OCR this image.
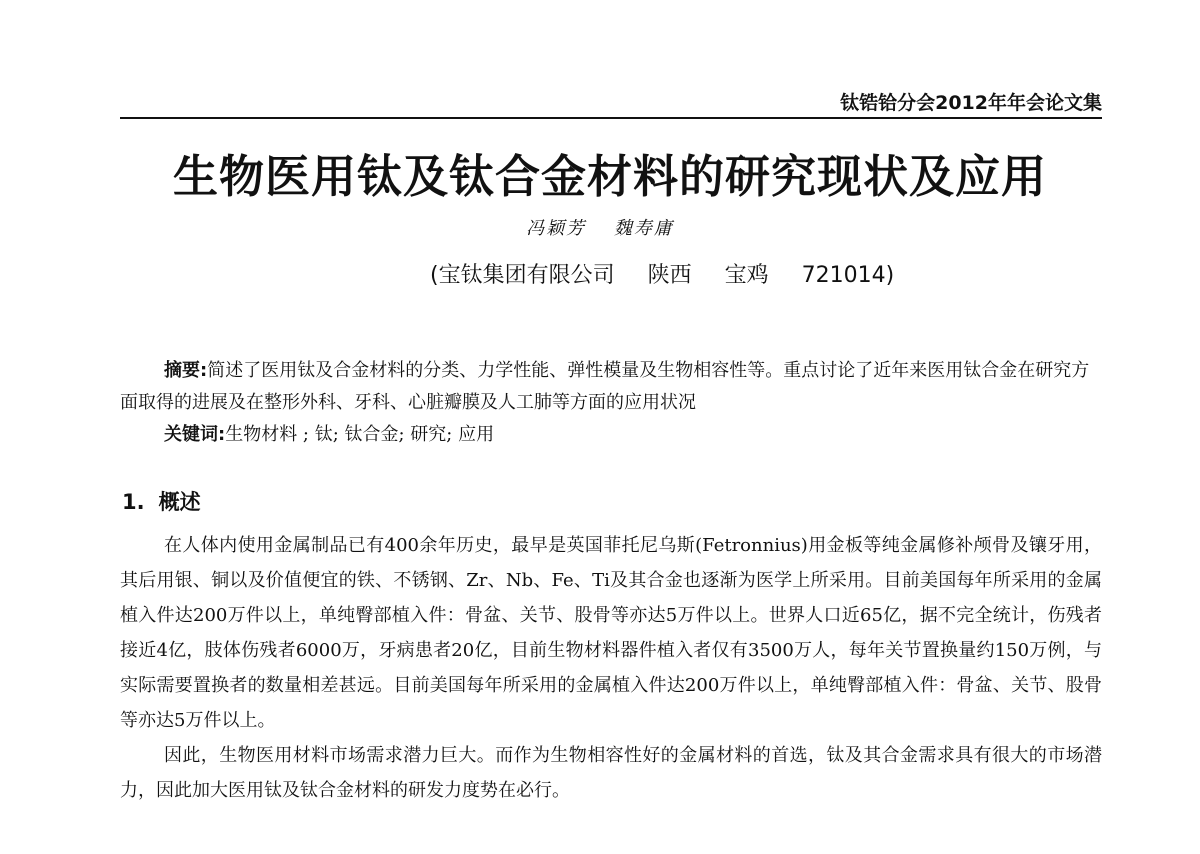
钛锆铪分会2012年年会论文集
生物医用钛及钛合金材料的研究现状及应用
冯颖芳 魏寿庸
(宝钛集团有限公司 陕西 宝鸡 721014)

摘要:简述了医用钛及合金材料的分类、力学性能、弹性模量及生物相容性等。重点讨论了近年来医用钛合金在研究方面取得的进展及在整形外科、牙科、心脏瓣膜及人工肺等方面的应用状况

关键词:生物材料 ; 钛; 钛合金; 研究; 应用

1. 概述

在人体内使用金属制品已有400余年历史，最早是英国菲托尼乌斯(Fetronnius)用金板等纯金属修补颅骨及镶牙用，其后用银、铜以及价值便宜的铁、不锈钢、Zr、Nb、Fe、Ti及其合金也逐渐为医学上所采用。目前美国每年所采用的金属植入件达200万件以上，单纯臀部植入件：骨盆、关节、股骨等亦达5万件以上。世界人口近65亿，据不完全统计，伤残者接近4亿，肢体伤残者6000万，牙病患者20亿，目前生物材料器件植入者仅有3500万人，每年关节置换量约150万例，与实际需要置换者的数量相差甚远。目前美国每年所采用的金属植入件达200万件以上，单纯臀部植入件：骨盆、关节、股骨等亦达5万件以上。

因此，生物医用材料市场需求潜力巨大。而作为生物相容性好的金属材料的首选，钛及其合金需求具有很大的市场潜力，因此加大医用钛及钛合金材料的研发力度势在必行。
